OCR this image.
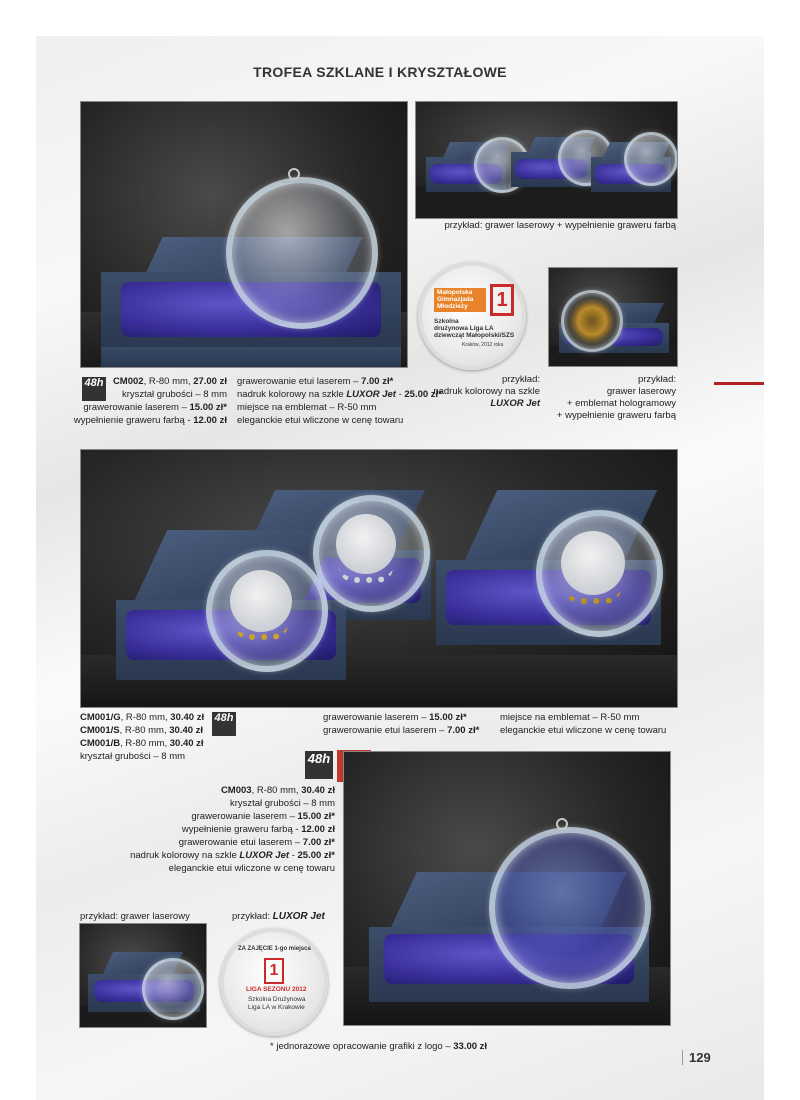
TROFEA SZKLANE I KRYSZTAŁOWE
przykład: grawer laserowy + wypełnienie graweru farbą
Małopolska
Gimnazjada
Młodzieży	1
Szkolna
drużynowa Liga LA
dziewcząt Małopolski/SZS
Kraków, 2012 roku
przykład:
nadruk kolorowy na szkle
LUXOR Jet
przykład:
grawer laserowy
+ emblemat hologramowy
+ wypełnienie graweru farbą
48h CM002, R-80 mm, 27.00 zł
kryształ grubości – 8 mm
grawerowanie laserem – 15.00 zł*
wypełnienie graweru farbą - 12.00 zł
grawerowanie etui laserem – 7.00 zł*
nadruk kolorowy na szkle LUXOR Jet - 25.00 zł*
miejsce na emblemat – R-50 mm
eleganckie etui wliczone w cenę towaru
CM001/G, R-80 mm, 30.40 zł
CM001/S, R-80 mm, 30.40 zł
CM001/B, R-80 mm, 30.40 zł
kryształ grubości – 8 mm
48h	grawerowanie laserem – 15.00 zł*
grawerowanie etui laserem – 7.00 zł*
miejsce na emblemat – R-50 mm
eleganckie etui wliczone w cenę towaru
48h
CM003, R-80 mm, 30.40 zł
kryształ grubości – 8 mm
grawerowanie laserem – 15.00 zł*
wypełnienie graweru farbą - 12.00 zł
grawerowanie etui laserem – 7.00 zł*
nadruk kolorowy na szkle LUXOR Jet - 25.00 zł*
eleganckie etui wliczone w cenę towaru
przykład: grawer laserowy	przykład: LUXOR Jet
ZA ZAJĘCIE 1-go miejsca
1
LIGA SEZONU 2012
Szkolna Drużynowa
Liga LA w Krakowie
* jednorazowe opracowanie grafiki z logo – 33.00 zł
129
